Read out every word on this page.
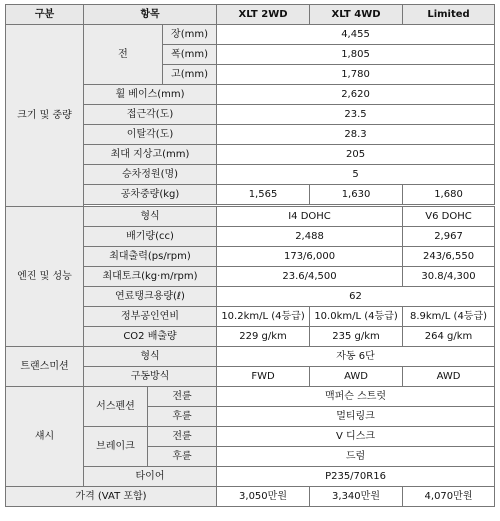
구분	항목			XLT 2WD	XLT 4WD	Limited
크기 및 중량	전		장(mm)	4,455		
			폭(mm)	1,805		
			고(mm)	1,780		
	휠 베이스(mm)			2,620		
	접근각(도)			23.5		
	이탈각(도)			28.3		
	최대 지상고(mm)			205		
	승차정원(명)			5		
	공차중량(kg)			1,565	1,630	1,680

엔진 및 성능	형식			I4 DOHC		V6 DOHC
	배기량(cc)			2,488		2,967
	최대출력(ps/rpm)			173/6,000		243/6,550
	최대토크(kg·m/rpm)			23.6/4,500		30.8/4,300
	연료탱크용량(ℓ)			62		
	정부공인연비			10.2km/L (4등급)	10.0km/L (4등급)	8.9km/L (4등급)
	CO2 배출량			229 g/km	235 g/km	264 g/km
트랜스미션	형식			자동 6단		
	구동방식			FWD	AWD	AWD
섀시	서스펜션	전륜		맥퍼슨 스트럿		
		후륜		멀티링크		
	브레이크	전륜		V 디스크		
		후륜		드럼		
	타이어			P235/70R16		
가격 (VAT 포함)				3,050만원	3,340만원	4,070만원
